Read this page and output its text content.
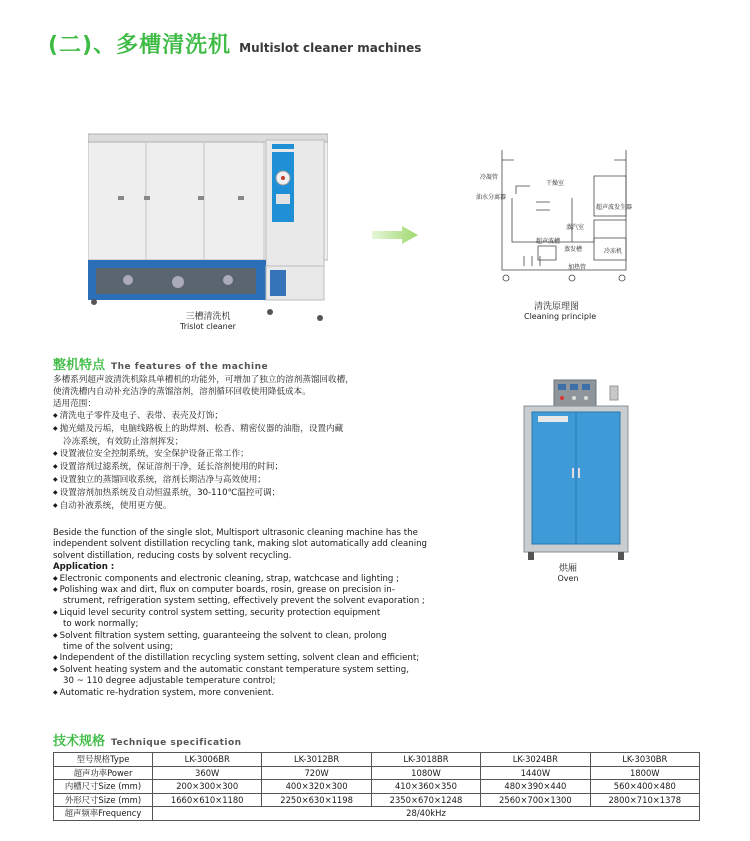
(二)、多槽清洗机 Multislot cleaner machines
三槽清洗机
Trislot cleaner
冷凝管
干燥室
油水分离器
超声波发生器
蒸汽室
超声波槽
蒸发槽	冷冻机
加热管
清洗原理图
Cleaning principle
整机特点 The features of the machine
多槽系列超声波清洗机除具单槽机的功能外，可增加了独立的溶剂蒸馏回收槽，
使清洗槽内自动补充洁净的蒸馏溶剂，溶剂循环回收使用降低成本。
适用范围：
◆ 清洗电子零件及电子、表带、表壳及灯饰；
◆ 抛光蜡及污垢，电脑线路板上的助焊剂、松香、精密仪器的油脂，设置内藏
冷冻系统，有效防止溶剂挥发；
◆ 设置液位安全控制系统，安全保护设备正常工作；
◆ 设置溶剂过滤系统，保证溶剂干净，延长溶剂使用的时间；
◆ 设置独立的蒸馏回收系统，溶剂长期洁净与高效使用；
◆ 设置溶剂加热系统及自动恒温系统，30-110℃温控可调；
◆ 自动补液系统，使用更方便。
Beside the function of the single slot, Multisport ultrasonic cleaning machine has the
independent solvent distillation recycling tank, making slot automatically add cleaning
solvent distillation, reducing costs by solvent recycling.
Application :
◆ Electronic components and electronic cleaning, strap, watchcase and lighting ;
◆ Polishing wax and dirt, flux on computer boards, rosin, grease on precision in-
strument, refrigeration system setting, effectively prevent the solvent evaporation ;
◆ Liquid level security control system setting, security protection equipment
to work normally;
◆ Solvent filtration system setting, guaranteeing the solvent to clean, prolong
time of the solvent using;
◆ Independent of the distillation recycling system setting, solvent clean and efficient;
◆ Solvent heating system and the automatic constant temperature system setting,
30 ~ 110 degree adjustable temperature control;
◆ Automatic re-hydration system, more convenient.
烘厢
Oven
技术规格 Technique specification
型号规格Type	LK-3006BR	LK-3012BR	LK-3018BR	LK-3024BR	LK-3030BR
超声功率Power	360W	720W	1080W	1440W	1800W
内槽尺寸Size (mm)	200×300×300	400×320×300	410×360×350	480×390×440	560×400×480
外形尺寸Size (mm)	1660×610×1180	2250×630×1198	2350×670×1248	2560×700×1300	2800×710×1378
超声频率Frequency	28/40kHz				
